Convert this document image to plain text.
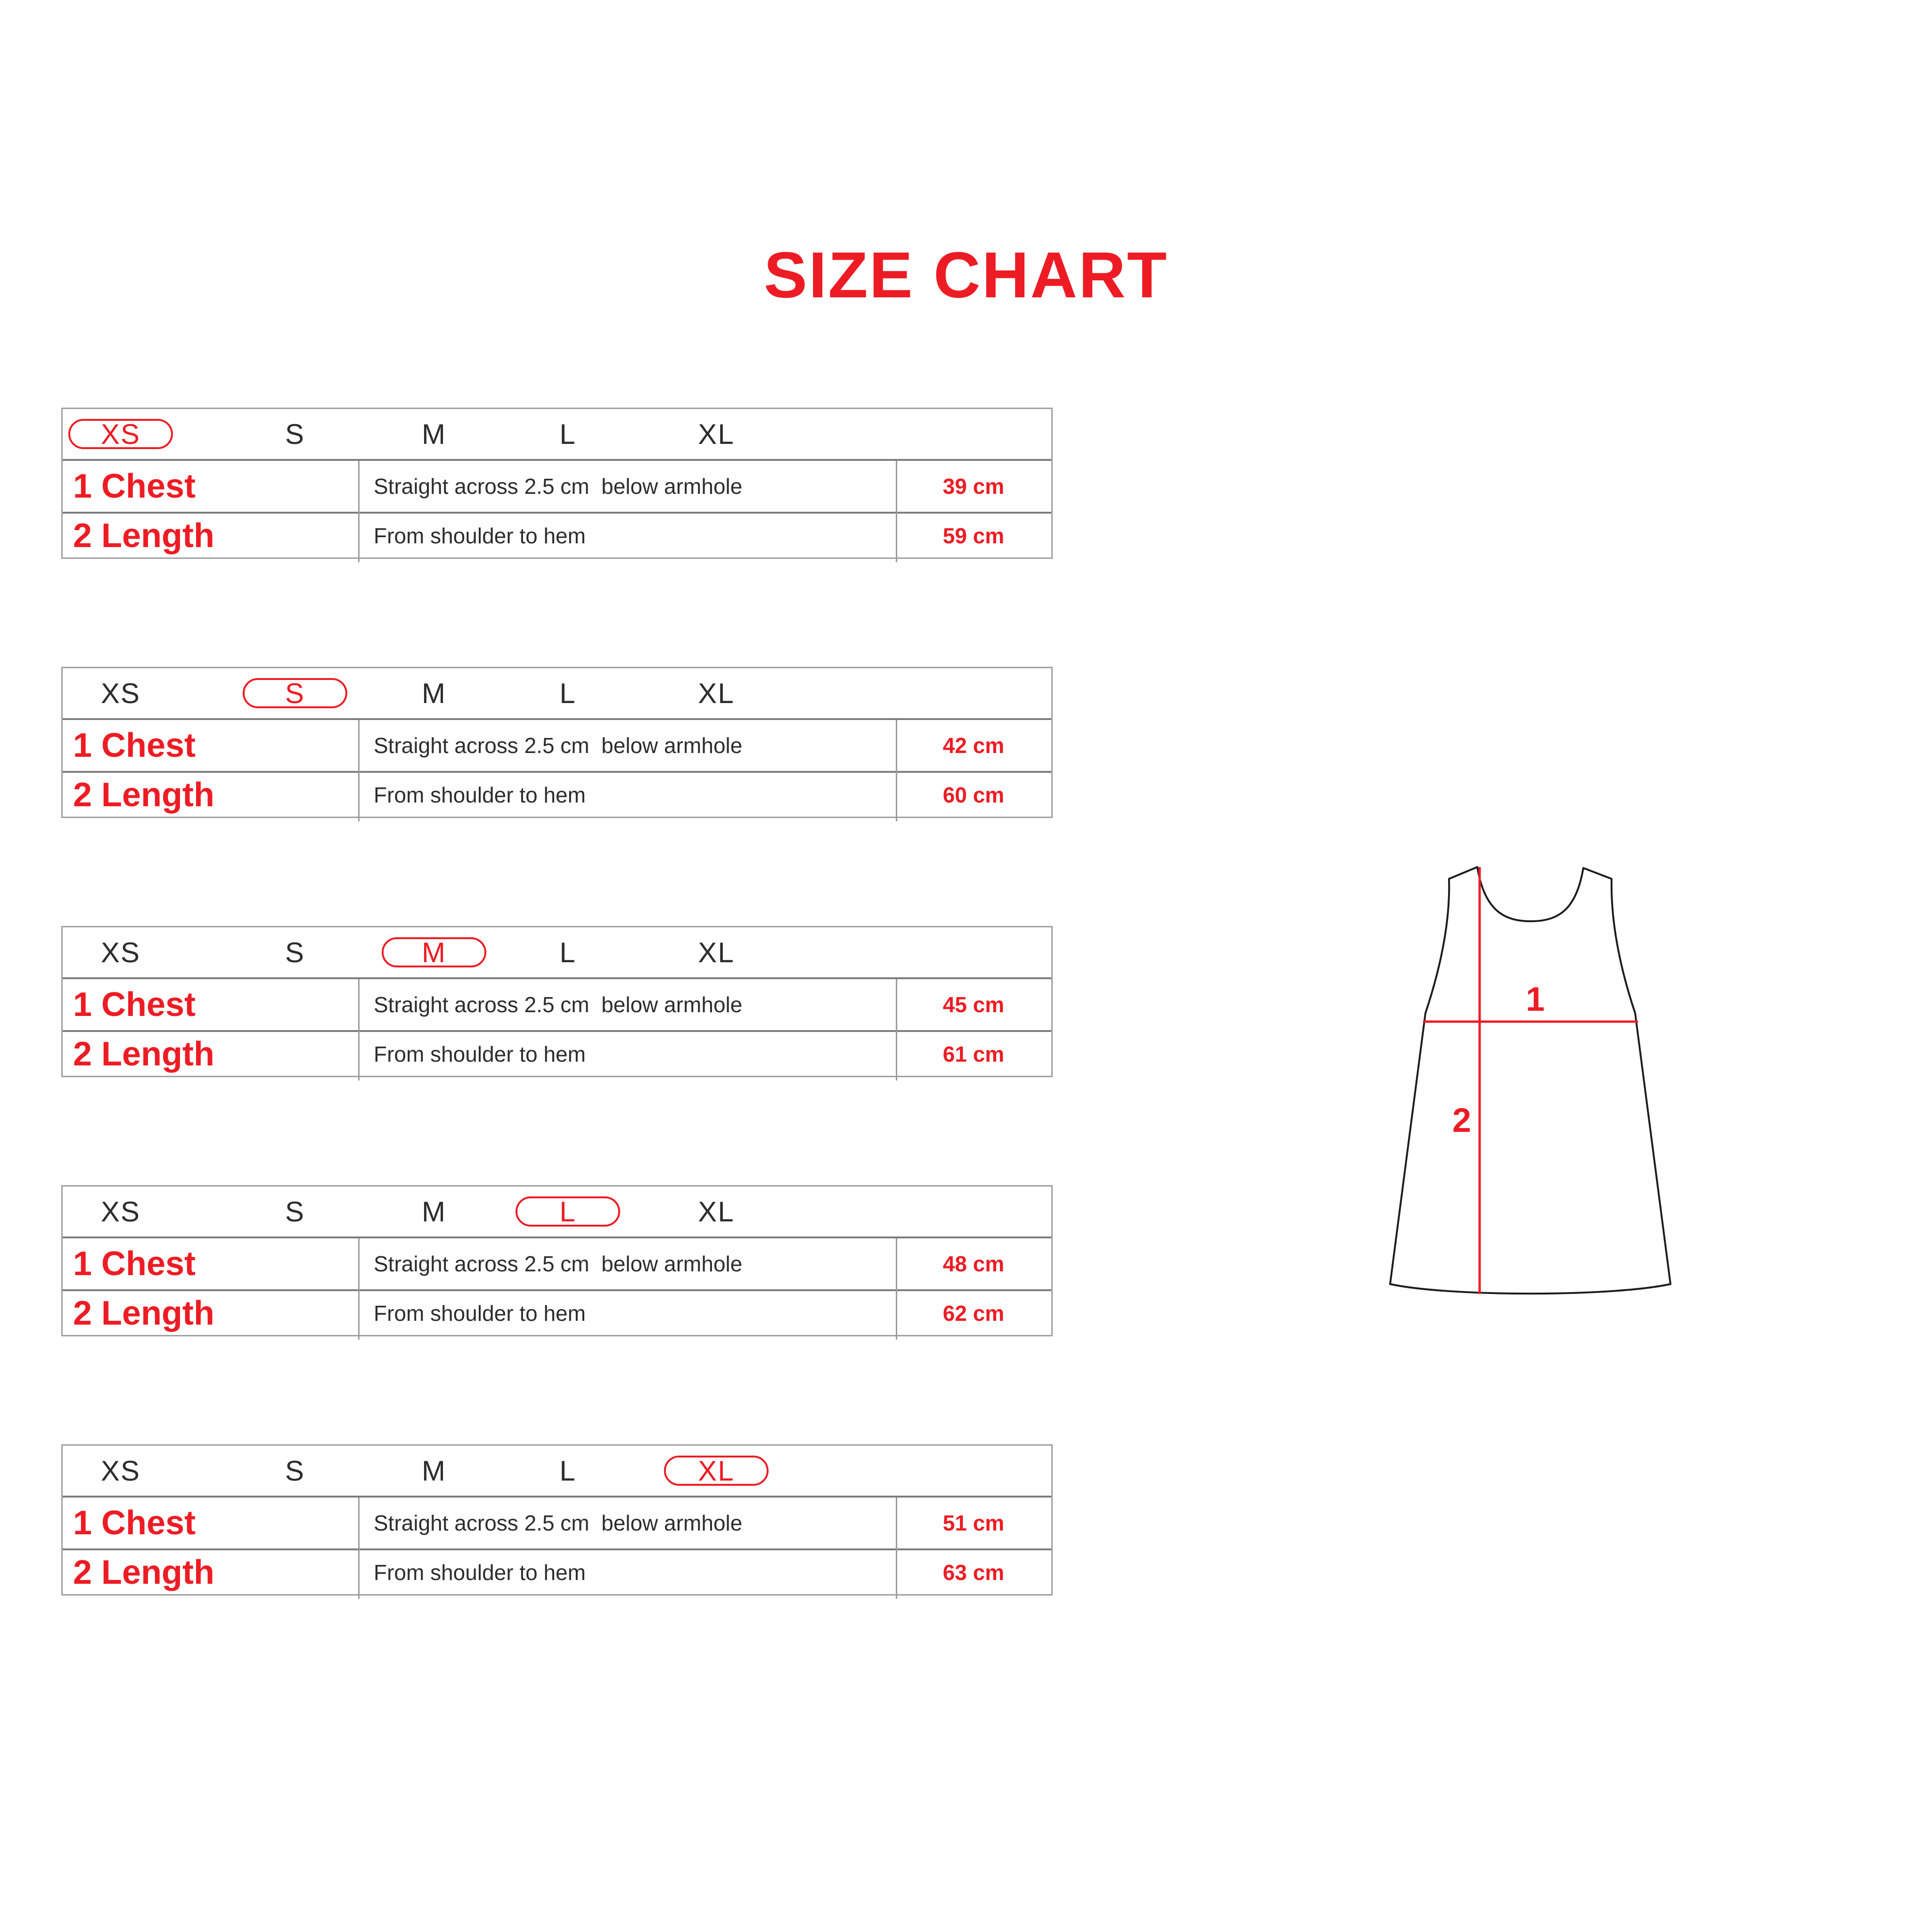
SIZE CHART
XS	S	M	L	XL
1 Chest	Straight across 2.5 cm  below armhole	39 cm
2 Length	From shoulder to hem	59 cm
XS	S	M	L	XL
1 Chest	Straight across 2.5 cm  below armhole	42 cm
2 Length	From shoulder to hem	60 cm
XS	S	M	L	XL
1 Chest	Straight across 2.5 cm  below armhole	45 cm
2 Length	From shoulder to hem	61 cm
XS	S	M	L	XL
1 Chest	Straight across 2.5 cm  below armhole	48 cm
2 Length	From shoulder to hem	62 cm
XS	S	M	L	XL
1 Chest	Straight across 2.5 cm  below armhole	51 cm
2 Length	From shoulder to hem	63 cm
1
2
